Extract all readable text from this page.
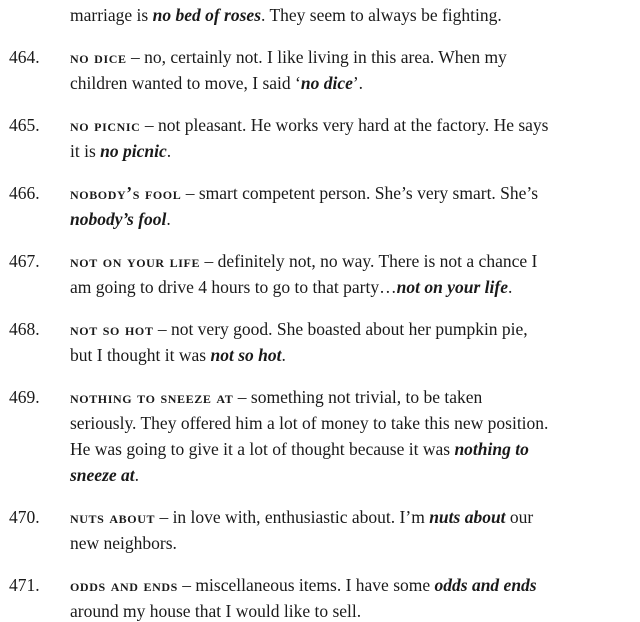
marriage is no bed of roses. They seem to always be fighting.
464. no dice – no, certainly not. I like living in this area. When my
children wanted to move, I said ‘no dice’.
465. no picnic – not pleasant. He works very hard at the factory. He says
it is no picnic.
466. nobody’s fool – smart competent person. She’s very smart. She’s
nobody’s fool.
467. not on your life – definitely not, no way. There is not a chance I
am going to drive 4 hours to go to that party…not on your life.
468. not so hot – not very good. She boasted about her pumpkin pie,
but I thought it was not so hot.
469. nothing to sneeze at – something not trivial, to be taken
seriously. They offered him a lot of money to take this new position.
He was going to give it a lot of thought because it was nothing to
sneeze at.
470. nuts about – in love with, enthusiastic about. I’m nuts about our
new neighbors.
471. odds and ends – miscellaneous items. I have some odds and ends
around my house that I would like to sell.
